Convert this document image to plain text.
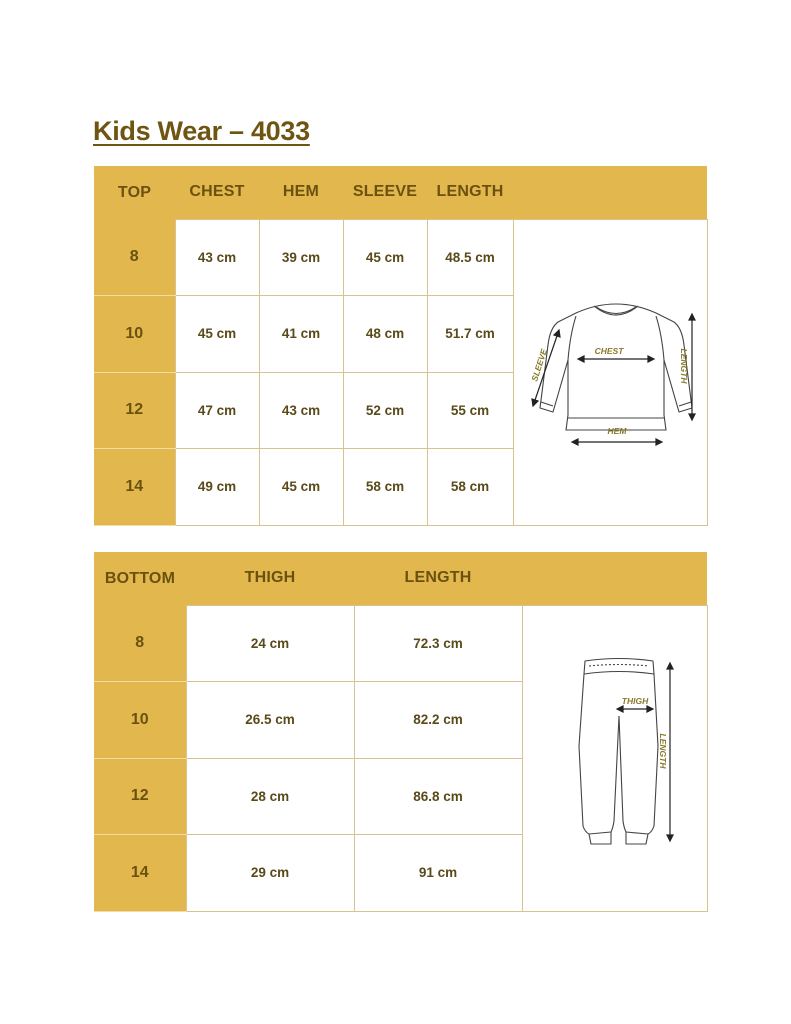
Kids Wear – 4033
TOP	CHEST	HEM	SLEEVE	LENGTH	
8	43 cm	39 cm	45 cm	48.5 cm	CHEST
HEM
SLEEVE LENGTH

10	45 cm	41 cm	48 cm	51.7 cm	
12	47 cm	43 cm	52 cm	55 cm	
14	49 cm	45 cm	58 cm	58 cm	
BOTTOM	THIGH	LENGTH	
8	24 cm	72.3 cm	THIGH
LENGTH

10	26.5 cm	82.2 cm	
12	28 cm	86.8 cm	
14	29 cm	91 cm	
